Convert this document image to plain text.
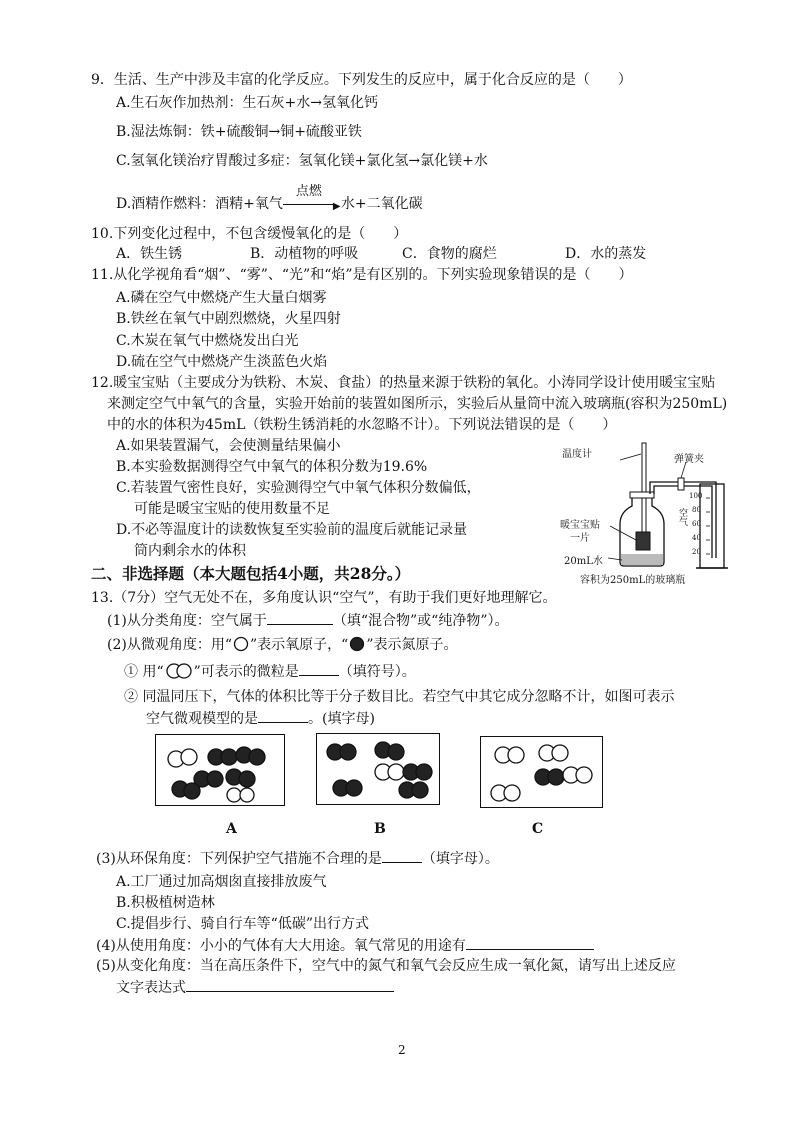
9．生活、生产中涉及丰富的化学反应。下列发生的反应中，属于化合反应的是（　　）
A.生石灰作加热剂：生石灰+水→氢氧化钙
B.湿法炼铜：铁+硫酸铜→铜+硫酸亚铁
C.氢氧化镁治疗胃酸过多症：氢氧化镁+氯化氢→氯化镁+水
D.酒精作燃料：酒精+氧气
点燃
▶ 水+二氧化碳
10.下列变化过程中，不包含缓慢氧化的是（　　）
A．铁生锈	B．动植物的呼吸	C．食物的腐烂	D．水的蒸发
11.从化学视角看“烟”、“雾”、“光”和“焰”是有区别的。下列实验现象错误的是（　　）
A.磷在空气中燃烧产生大量白烟雾
B.铁丝在氧气中剧烈燃烧，火星四射
C.木炭在氧气中燃烧发出白光
D.硫在空气中燃烧产生淡蓝色火焰
12.暖宝宝贴（主要成分为铁粉、木炭、食盐）的热量来源于铁粉的氧化。小涛同学设计使用暖宝宝贴
来测定空气中氧气的含量，实验开始前的装置如图所示，实验后从量筒中流入玻璃瓶(容积为250mL)
中的水的体积为45mL（铁粉生锈消耗的水忽略不计）。下列说法错误的是（　　）
A.如果装置漏气，会使测量结果偏小
B.本实验数据测得空气中氧气的体积分数为19.6%
C.若装置气密性良好，实验测得空气中氧气体积分数偏低，
可能是暖宝宝贴的使用数量不足
D.不必等温度计的读数恢复至实验前的温度后就能记录量
筒内剩余水的体积
温度计	弹簧夹
空气
暖宝宝贴
一片
20mL水
容积为250mL的玻璃瓶
100
80
60
40
20
二、非选择题（本大题包括4小题，共28分。）
13.（7分）空气无处不在，多角度认识“空气”，有助于我们更好地理解它。
(1)从分类角度：空气属于	（填“混合物”或“纯净物”）。
(2)从微观角度：用“ ”表示氧原子，“ ”表示氮原子。
① 用“ ”可表示的微粒是	（填符号）。
② 同温同压下，气体的体积比等于分子数目比。若空气中其它成分忽略不计，如图可表示
空气微观模型的是	。(填字母)
A	B	C
(3)从环保角度：下列保护空气措施不合理的是	（填字母）。
A.工厂通过加高烟囱直接排放废气
B.积极植树造林
C.提倡步行、骑自行车等“低碳”出行方式
(4)从使用角度：小小的气体有大大用途。氧气常见的用途有
(5)从变化角度：当在高压条件下，空气中的氮气和氧气会反应生成一氧化氮，请写出上述反应
文字表达式
2
